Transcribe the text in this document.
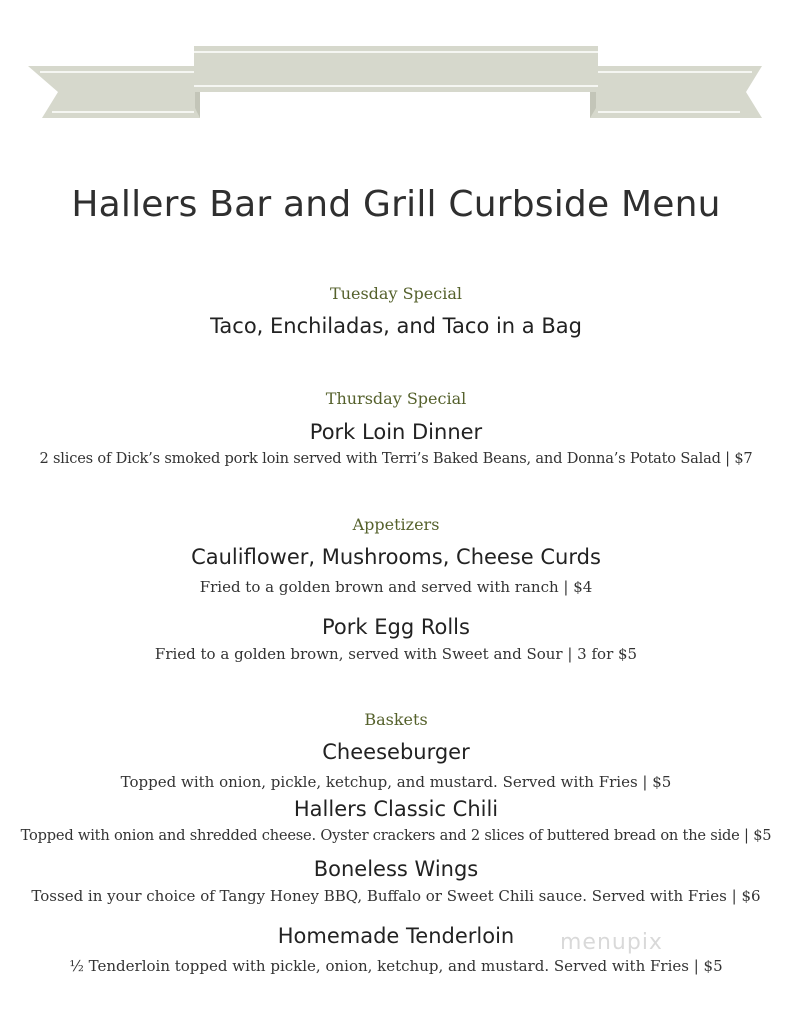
Hallers Bar and Grill Curbside Menu
Tuesday Special
Taco, Enchiladas, and Taco in a Bag
Thursday Special
Pork Loin Dinner
2 slices of Dick’s smoked pork loin served with Terri’s Baked Beans, and Donna’s Potato Salad | $7
Appetizers
Cauliflower, Mushrooms, Cheese Curds
Fried to a golden brown and served with ranch | $4
Pork Egg Rolls
Fried to a golden brown, served with Sweet and Sour | 3 for $5
Baskets
Cheeseburger
Topped with onion, pickle, ketchup, and mustard. Served with Fries | $5
Hallers Classic Chili
Topped with onion and shredded cheese. Oyster crackers and 2 slices of buttered bread on the side | $5
Boneless Wings
Tossed in your choice of Tangy Honey BBQ, Buffalo or Sweet Chili sauce. Served with Fries | $6
Homemade Tenderloin
½ Tenderloin topped with pickle, onion, ketchup, and mustard. Served with Fries | $5
menupix
